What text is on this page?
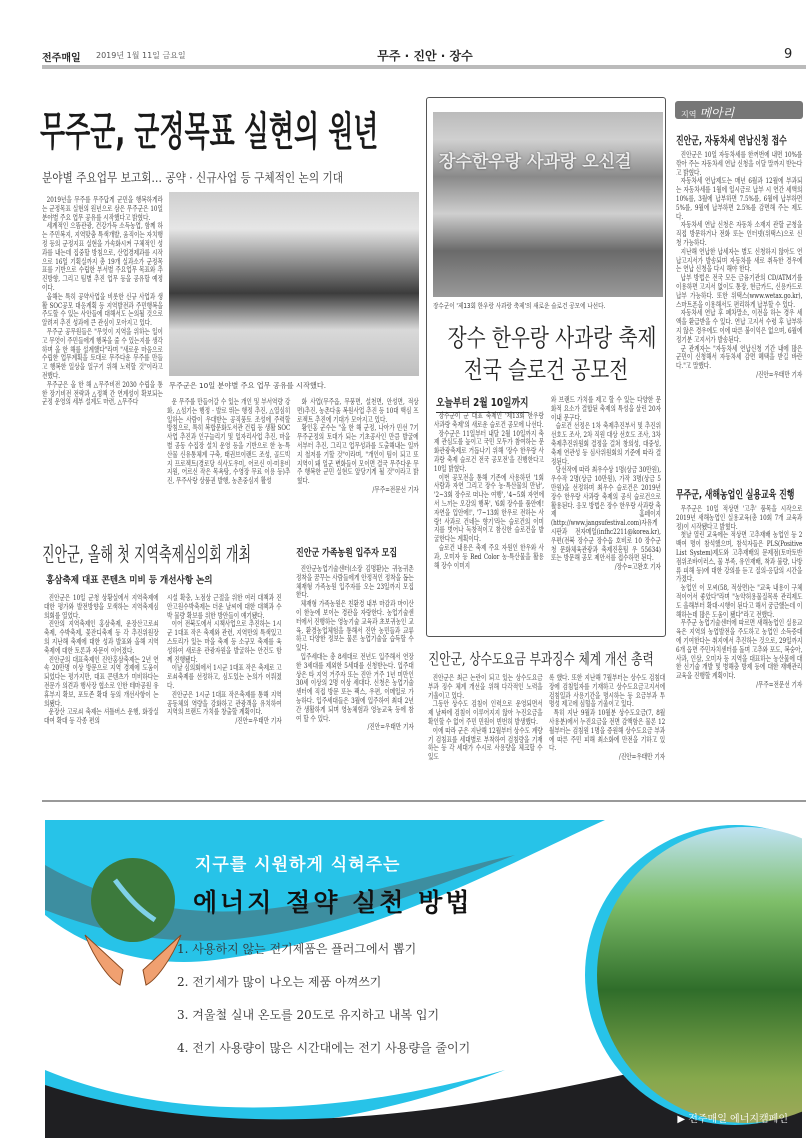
전주매일 2019년 1월 11일 금요일	무주 · 진안 · 장수	9
무주군, 군정목표 실현의 원년
분야별 주요업무 보고회… 공약 · 신규사업 등 구체적인 논의 기대

2019년을 무주를 무주답게 군민을 행복하게라는 군정목표 실현의 원년으로 삼은 무주군은 10일 분야별 주요 업무 공유를 시작했다고 밝혔다.

세계적인 으뜸관광, 건강가득 소득농업, 함께 하는 주민복지, 지역맞춤 특색개발, 움직이는 자치행정 등의 군정지표 실현을 가속화시켜 구체적인 성과를 내는데 집중할 방침으로, 산업경제과를 시작으로 16일 기획실까지 총 19개 실과소가 군정목표를 기반으로 수립한 부서별 주요업무 목표와 추진방향, 그리고 팀별 추진 업무 등을 공유할 예정이다.

올해는 특히 공약사업을 비롯한 신규 사업과 생활 SOC공모 대응계획 등 지역발전과 주민행복을 주도할 수 있는 사안들에 대해서도 논의될 것으로 알려져 추진 성과에 큰 관심이 모아지고 있다.

무주군 공무원들은 "무엇이 지역을 위하는 일이고 무엇이 주민들에게 행복을 줄 수 있는지를 생각하며 올 한 해를 설계했다"라며 "새로운 마음으로 수립한 업무계획을 토대로 무주다운 무주를 만들고 행복한 일상을 일구기 위해 노력할 것"이라고 전했다.

무주군은 올 한 해 △무주비전 2030 수립을 통한 장기비전 전략과 △정책 간 연계성이 확보되는 군정 운영의 세부 설계도 마련, △무주다

무주군은 10일 분야별 주요 업무 공유를 시작했다.

운 무주를 만들어갈 수 있는 개인 및 부서역량 강화, △섬기는 행정 · 발로 뛰는 행정 추진, △열심히 일하는 사람이 우대받는 공직풍토 조성에 주력할 방침으로, 특히 복합문화도서관 건립 등 생활 SOC사업 추진과 인구늘리기 및 일자리사업 추진, 마을별 공동 수집장 설치 운영 등을 기반으로 한 농·특산물 신유통체계 구축, 태권브이랜드 조성, 골드빅지 프로젝트(경로당 식사도우미, 어르신 이·미용비 지원, 어르신 작은 목욕탕, 수영장 무료 이용 등)추진, 무주사랑 상품권 발행, 농촌중심지 활성

화 사업(무주읍, 무풍면, 설천면, 안성면, 적상면)추진, 농촌다움 복원사업 추진 등 10대 핵심 프로젝트 추진에 기대가 모아지고 있다.

황인홍 군수는 "올 한 해 군정, 나아가 민선 7기 무주군정의 토대가 되는 기초공사인 만큼 발굴에서부터 추진, 그리고 업무성과를 도출해내는 일까지 철저를 기할 것"이라며, "개인이 팀이 되고 또 지역이 돼 일군 변화들이 모이면 결국 무주다운 무주 행복한 군민 실현도 앞당기게 될 것"이라고 밝혔다.

/무주=전문선 기자

장수한우랑 사과랑 오신걸
장수군이 '제13회 한우랑 사과랑 축제'의 새로운 슬로건 공모에 나선다.
장수 한우랑 사과랑 축제
전국 슬로건 공모전
오늘부터 2월 10일까지

장수군이 군 대표 축제인 '제13회 한우랑 사과랑 축제'의 새로운 슬로건 공모에 나선다.

장수군은 11일부터 내달 2월 10일까지 축제 관심도를 높이고 국민 모두가 참여하는 문화관광축제로 거듭나기 위해 '장수 한우랑 사과랑 축제 슬로건 전국 공모전'을 진행한다고 10일 밝혔다.

이번 공모전을 통해 기존에 사용하던 '1회 사람과 자연 그리고 장수 농·특산물의 만남', '2~3회 장수로 떠나는 여행', '4~5회 자연에서 느끼는 오감의 행복', '6회 장수를 품안에! 자연을 입안에!', '7~13회 한우로 전하는 사랑! 사과로 건네는 향기'라는 슬로건의 이미지를 벗어나 독창적이고 참신한 슬로건을 발굴한다는 계획이다.

슬로건 내용은 축제 주요 자원인 한우와 사과, 오미자 등 Red Color 농·특산물을 활용해 장수 이미지

와 브랜드 가치를 제고 할 수 있는 다양한 문화적 요소가 결합된 축제의 특성을 살린 20자 이내 문구다.

슬로건 선정은 1차 축제추진부서 및 추진위 선호도 조사, 2차 직원 대상 선호도 조사, 3차 축제추진위원회 결정을 걸쳐 창의성, 대중성, 축제 연관성 등 심사위원회의 기준에 따라 결정된다.

당선작에 따라 최우수상 1명(상금 30만원), 우수작 2명(상금 10만원), 가작 3명(상금 5만원)을 선정하며 최우수 슬로건은 2019년 장수 한우랑 사과랑 축제의 공식 슬로건으로 활용된다. 응모 방법은 장수 한우랑 사과랑 축제 홈페이지(http://www.jangsufestival.com)자유게시판과 전자메일(infhc2211@korea.kr), 우편(전북 장수군 장수읍 호비로 10 장수군청 문화체육관광과 축제진흥팀 우 55634) 또는 방문해 공모 제안서를 접수하면 된다.

/장수=고완호 기자

지역 메아리
진안군, 자동차세 연납신청 접수

진안군은 10일 자동차세를 한꺼번에 내면 10%를 깎아 주는 자동차세 연납 신청을 이달 말까지 받는다고 밝혔다.

자동차세 연납제도는 매년 6월과 12월에 부과되는 자동차세를 1월에 일시금로 납부 시 연간 세액의 10%를, 3월에 납부하면 7.5%를, 6월에 납부하면 5%를, 9월에 납부하면 2.5%를 감면해 주는 제도다.

자동차세 연납 신청은 자동차 소재지 관할 군청을 직접 방문하거나 전화 또는 인터넷(위택스)으로 신청 가능하다.

지난해 연납한 납세자는 별도 신청하지 않아도 연납고지서가 발송되며 자동차를 새로 취득한 경우에는 연납 신청을 다시 해야 한다.

납부 방법은 전국 모든 금융기관의 CD/ATM기를 이용하면 고지서 없이도 통장, 현금카드, 신용카드로 납부 가능하다. 또한 위택스(www.wetax.go.kr), 스마트폰을 이용해서도 편리하게 납부할 수 있다.

자동차세 연납 후 폐차말소, 이전을 하는 경우 세액을 환급받을 수 있다. 연납 고지서 수령 후 납부하지 않은 경우에도 이에 따른 불이익은 없으며, 6월에 정기분 고지서가 발송된다.

군 관계자는 "자동차세 연납신청 기간 내에 많은 군민이 신청해서 자동차세 감면 혜택을 받길 바란다."고 말했다.

/진안=우태만 기자

무주군, 새해농업인 실용교육 진행

무주군은 10일 적상면 '고추' 품목을 시작으로 2019년 새해농업인 실용교육(총 10회 7개 교육과정)이 시작됐다고 밝혔다.

첫날 열린 교육에는 적상면 고추재배 농업인 등 2백여 명이 참석했으며, 참석자들은 PLS(Positive List System)제도와 고추재배의 문제점(토마토반점위조바이러스, 물 부족, 유인재배, 착과 불량, 나방류 피해 등)에 대한 강의를 듣고 질의·응답의 시간을 가졌다.

농업인 이 모씨(58, 적상면)는 "교육 내용이 구체적이어서 좋았다"라며 "농약허용물질목록 관리제도도 올해부터 확대·시행이 된다고 해서 궁금했는데 이해하는데 많은 도움이 됐다"라고 전했다.

무주군 농업기술센터에 따르면 새해농업인 실용교육은 지역의 농업발전을 주도하고 농업인 소득증대에 기여한다는 취지에서 추진하는 것으로, 29일까지 6개 읍면 주민자치센터를 돌며 고추와 포도, 복숭아, 사과, 인삼, 오미자 등 지역을 대표하는 농산물에 대한 신기술 개발 및 병해충 방제 등에 대한 재배관리 교육을 진행할 계획이다.

/무주=전문선 기자

진안군, 올해 첫 지역축제심의회 개최
홍삼축제 대표 콘텐츠 미비 등 개선사항 논의

진안군은 10일 군청 상황실에서 지역축제에 대한 평가와 발전방향을 모색하는 지역축제심의회를 열었다.

진안의 지역축제인 홍삼축제, 운장산고로쇠축제, 수박축제, 꽃잔디축제 등 각 추진위원장의 지난해 축제에 대한 성과 발표와 올해 지역축제에 대한 토론과 자문이 이어졌다.

진안군의 대표축제인 진안홍삼축제는 2년 연속 20만명 이상 방문으로 지역 경제에 도움이 되었다는 평가지만, 대표 콘텐츠가 미비하다는 전문가 의견과 행사장 협소로 인한 테마공원 유휴부지 확보, 포토존 확대 등의 개선사항이 논의됐다.

운장산 고로쇠 축제는 셔틀버스 운행, 화장실 대여 확대 등 각종 편의

시설 확충, 노점상 근절을 위한 여러 대책과 진안고원수박축제는 더운 날씨에 대한 대책과 수박 물량 확보를 위한 방안들이 얘기됐다.

이어 전북도에서 시책사업으로 추진하는 1시군 1대표 작은 축제와 관련, 지역만의 특색있고 스토리가 있는 마을 축제 등 소규모 축제를 육성하여 새로운 관광자원을 발굴하는 안건도 함께 진행됐다.

이날 심의회에서 1시군 1대표 작은 축제로 고로쇠축제를 선정하고, 심도있는 논의가 이뤄졌다.

진안군은 1시군 1대표 작은축제를 통해 지역 공동체의 역량을 강화하고 관광객을 유치하여 지역의 브랜드 가치를 창출할 계획이다.

/진안=우태만 기자

진안군 가족농원 입주자 모집

진안군농업기술센터(소장 김명환)는 귀농귀촌 정착을 꿈꾸는 사람들에게 안정적인 정착을 돕는 체재형 가족농원 입주자를 오는 23일까지 모집한다.

체재형 가족농원은 친환경 내부 마감과 마이산이 한눈에 보이는 경관을 자랑한다. 농업기술센터에서 진행하는 영농기술 교육과 초보귀농인 교육, 환경농업체험을 통해서 진안 농민들과 교류하고 다양한 정보는 물론 농업기술을 습득할 수 있다.

입주세대는 총 8세대로 전년도 입주해서 연장한 3세대를 제외한 5세대를 신청받는다. 입주대상은 타 지역 거주자 또는 진안 거주 1년 미만인 30세 이상의 2명 이상 세대다. 신청은 농업기술센터에 직접 방문 또는 팩스, 우편, 이메일로 가능하다. 입주세대들은 3월에 입주하여 최대 2년간 생활하게 되며 영농체험과 영농교육 등에 참여 할 수 있다.

/진안=우태만 기자

진안군, 상수도요금 부과징수 체계 개선 총력

진안군은 최근 논란이 되고 있는 상수도요금 부과 징수 체계 개선을 위해 다각적인 노력을 기울이고 있다.

그동안 상수도 검침이 인력으로 운영되면서 제 날짜에 검침이 이루어지지 않아 누진요금을 확인할 수 없어 주민 민원이 빈번히 발생했다.

이에 따라 군은 지난해 12월부터 상수도 계량기 검침표를 세대별로 부착하여 검침량을 기재하는 등 각 세대가 수시로 사용량을 체크할 수 있도

록 했다. 또한 지난해 7월부터는 상수도 검침대장에 검침일자를 기재하고 상수도요금고지서에 검침일과 사용기간을 명시하는 등 요금부과 투명성 제고에 심혈을 기울이고 있다.

특히 지난 9월과 10월분 상수도요금(7, 8월 사용분)에서 누진요금을 전면 감액함은 물론 12월부터는 검침원 1명을 증원해 상수도요금 부과에 따른 주민 피해 최소화에 만전을 기하고 있다.

/진안=우태만 기자

지구를 시원하게 식혀주는
에너지 절약 실천 방법
1. 사용하지 않는 전기제품은 플러그에서 뽑기
2. 전기세가 많이 나오는 제품 아껴쓰기
3. 겨울철 실내 온도를 20도로 유지하고 내복 입기
4. 전기 사용량이 많은 시간대에는 전기 사용량을 줄이기
▶ 전주매일 에너지캠페인
